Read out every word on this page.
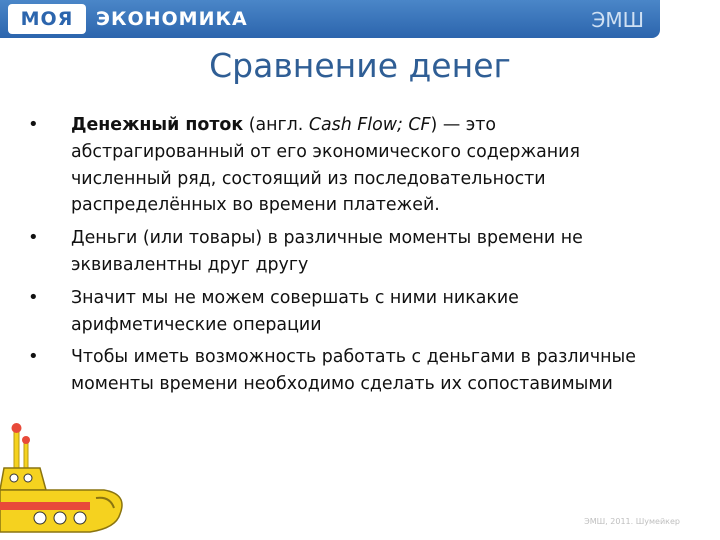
МОЯ	ЭКОНОМИКА	ЭМШ
Сравнение денег
• Денежный поток (англ. Cash Flow; CF) — это абстрагированный от его экономического содержания численный ряд, состоящий из последовательности распределённых во времени платежей.
• Деньги (или товары) в различные моменты времени не эквивалентны друг другу
• Значит мы не можем совершать с ними никакие арифметические операции
• Чтобы иметь возможность работать с деньгами в различные моменты времени необходимо сделать их сопоставимыми
ЭМШ, 2011. Шумейкер
